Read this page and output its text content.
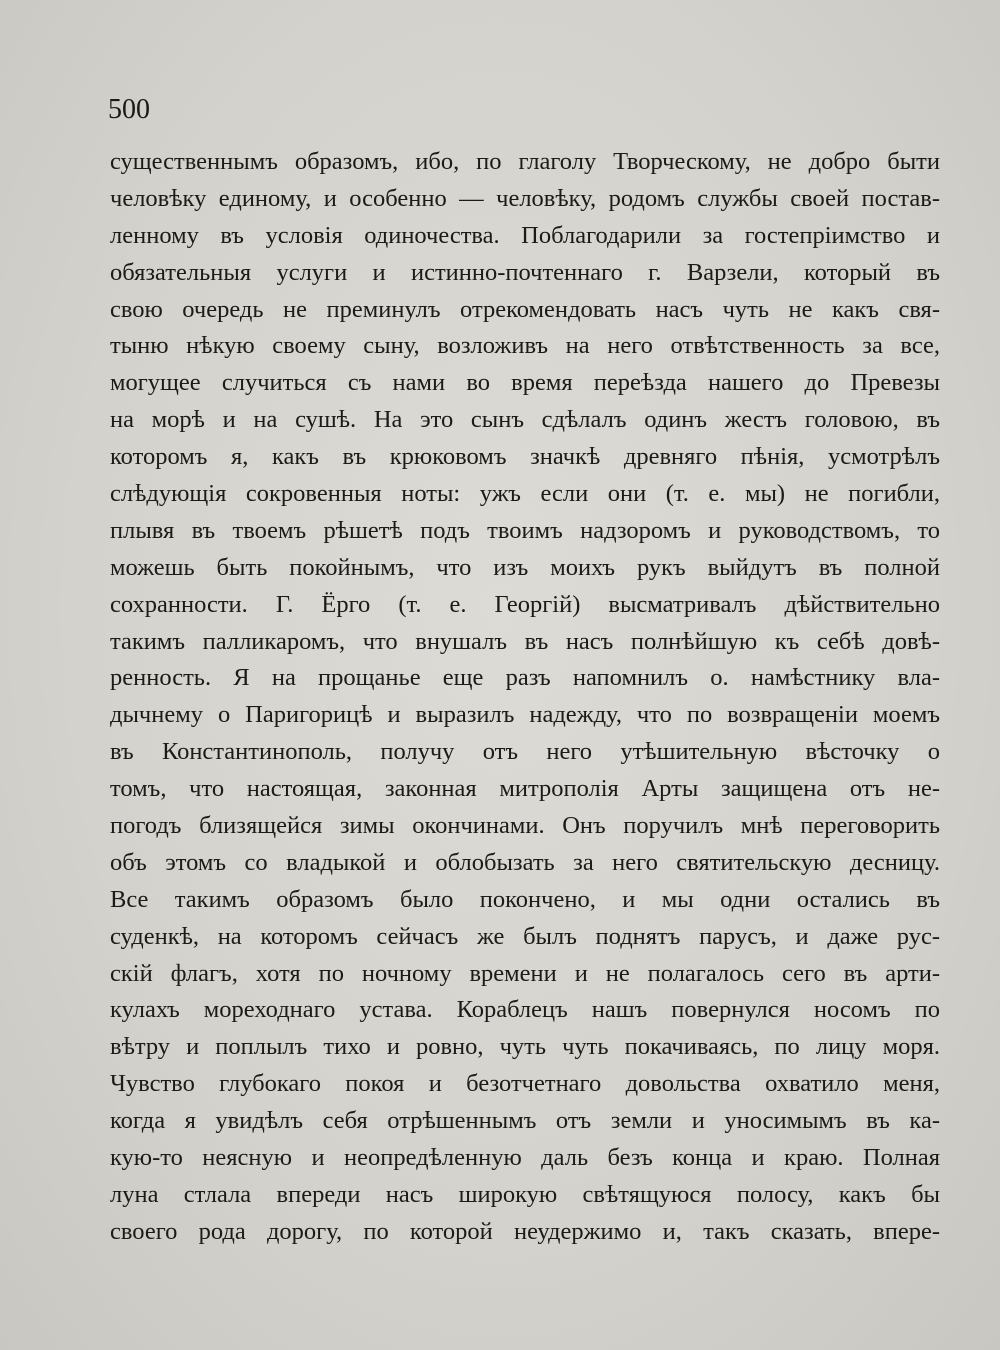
500
существеннымъ образомъ, ибо, по глаголу Творческому, не добро быти
человѣку единому, и особенно — человѣку, родомъ службы своей постав-
ленному въ условія одиночества. Поблагодарили за гостепріимство и
обязательныя услуги и истинно-почтеннаго г. Варзели, который въ
свою очередь не преминулъ отрекомендовать насъ чуть не какъ свя-
тыню нѣкую своему сыну, возложивъ на него отвѣтственность за все,
могущее случиться съ нами во время переѣзда нашего до Превезы
на морѣ и на сушѣ. На это сынъ сдѣлалъ одинъ жестъ головою, въ
которомъ я, какъ въ крюковомъ значкѣ древняго пѣнія, усмотрѣлъ
слѣдующія сокровенныя ноты: ужъ если они (т. е. мы) не погибли,
плывя въ твоемъ рѣшетѣ подъ твоимъ надзоромъ и руководствомъ, то
можешь быть покойнымъ, что изъ моихъ рукъ выйдутъ въ полной
сохранности. Г. Ёрго (т. е. Георгій) высматривалъ дѣйствительно
такимъ палликаромъ, что внушалъ въ насъ полнѣйшую къ себѣ довѣ-
ренность. Я на прощанье еще разъ напомнилъ о. намѣстнику вла-
дычнему о Паригорицѣ и выразилъ надежду, что по возвращеніи моемъ
въ Константинополь, получу отъ него утѣшительную вѣсточку о
томъ, что настоящая, законная митрополія Арты защищена отъ не-
погодъ близящейся зимы окончинами. Онъ поручилъ мнѣ переговорить
объ этомъ со владыкой и облобызать за него святительскую десницу.
Все такимъ образомъ было покончено, и мы одни остались въ
суденкѣ, на которомъ сейчасъ же былъ поднятъ парусъ, и даже рус-
скій флагъ, хотя по ночному времени и не полагалось сего въ арти-
кулахъ мореходнаго устава. Кораблецъ нашъ повернулся носомъ по
вѣтру и поплылъ тихо и ровно, чуть чуть покачиваясь, по лицу моря.
Чувство глубокаго покоя и безотчетнаго довольства охватило меня,
когда я увидѣлъ себя отрѣшеннымъ отъ земли и уносимымъ въ ка-
кую-то неясную и неопредѣленную даль безъ конца и краю. Полная
луна стлала впереди насъ широкую свѣтящуюся полосу, какъ бы
своего рода дорогу, по которой неудержимо и, такъ сказать, впере-
